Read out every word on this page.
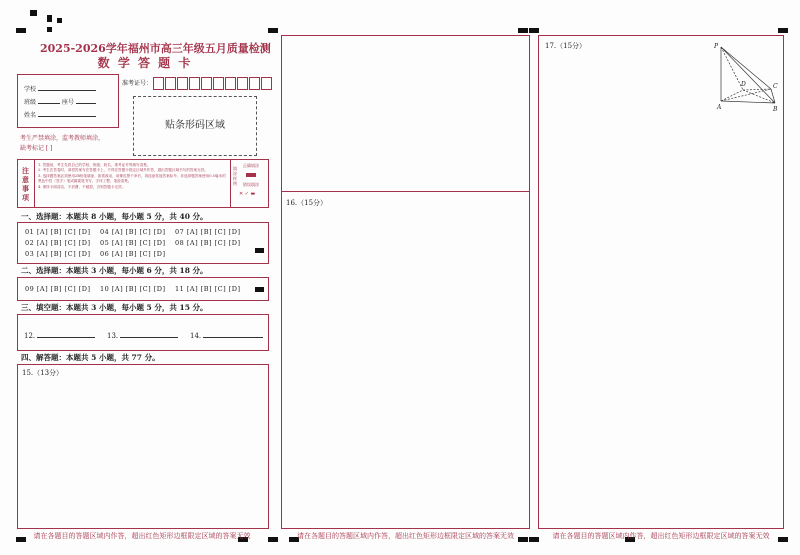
2025-2026学年福州市高三年级五月质量检测
数 学 答 题 卡
学校
班级	座号
姓名
准考证号：
贴条形码区域
考生严禁填涂，监考教师填涂，
缺考标记 [ ]
注意事项
1. 答题前，考生先将自己的学校、班级、姓名、准考证号等填写清楚。
2. 考生在答卷时，请将答案写在答题卡上，不得在答题卡指定区域外作答，超出答题区域书写的答案无效。
3. 选择题答案必须使用2B铅笔填涂，如需改动，用橡皮擦干净后，再选涂其他答案标号；非选择题答案使用0.5毫米的黑色中性（签字）笔或碳素笔书写，字体工整、笔迹清楚。
4. 保持卡面清洁，不折叠、不破损，否则答题卡无效。
填涂样例
正确填涂
错误填涂
✕ ✓ ▬
一、选择题：本题共 8 小题，每小题 5 分，共 40 分。
01 [A] [B] [C] [D] 04 [A] [B] [C] [D] 07 [A] [B] [C] [D]
02 [A] [B] [C] [D] 05 [A] [B] [C] [D] 08 [A] [B] [C] [D]
03 [A] [B] [C] [D] 06 [A] [B] [C] [D]
二、选择题：本题共 3 小题，每小题 6 分，共 18 分。
09 [A] [B] [C] [D] 10 [A] [B] [C] [D] 11 [A] [B] [C] [D]
三、填空题：本题共 3 小题，每小题 5 分，共 15 分。
12.	13.	14.
四、解答题：本题共 5 小题，共 77 分。
15.（13分）
16.（15分）
17.（15分）	P
D	C
A	B
请在各题目的答题区域内作答，超出红色矩形边框限定区域的答案无效	请在各题目的答题区域内作答，超出红色矩形边框限定区域的答案无效	请在各题目的答题区域内作答，超出红色矩形边框限定区域的答案无效
